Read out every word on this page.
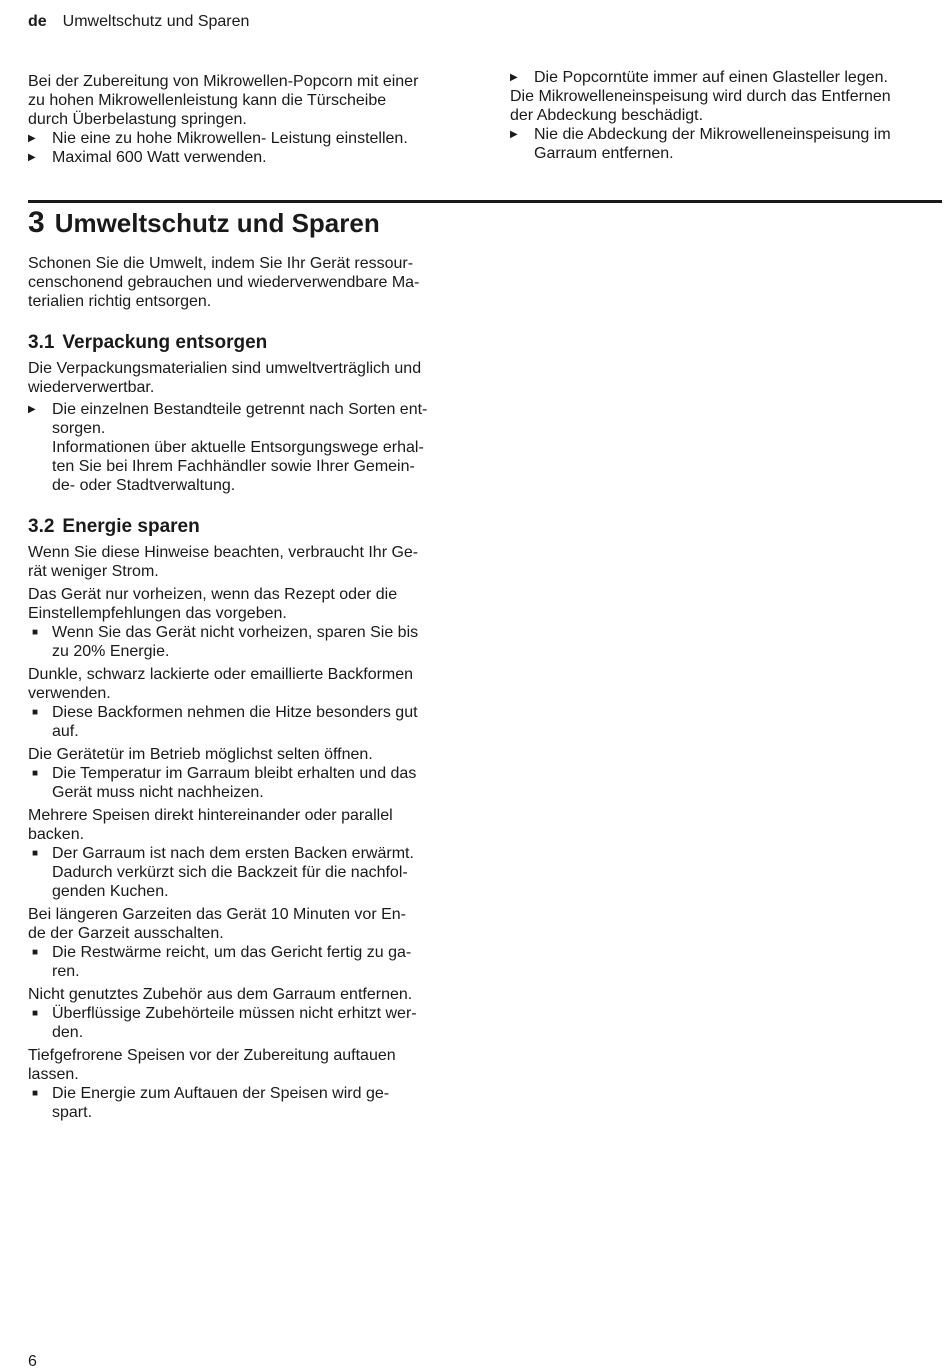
de Umweltschutz und Sparen

Bei der Zubereitung von Mikrowellen-Popcorn mit einer
zu hohen Mikrowellenleistung kann die Türscheibe
durch Überbelastung springen.

▶ Nie eine zu hohe Mikrowellen- Leistung einstellen.
▶ Maximal 600 Watt verwenden.
▶ Die Popcorntüte immer auf einen Glasteller legen.

Die Mikrowelleneinspeisung wird durch das Entfernen
der Abdeckung beschädigt.

▶ Nie die Abdeckung der Mikrowelleneinspeisung im
Garraum entfernen.
3 Umweltschutz und Sparen

Schonen Sie die Umwelt, indem Sie Ihr Gerät ressour-
censchonend gebrauchen und wiederverwendbare Ma-
terialien richtig entsorgen.

3.1 Verpackung entsorgen

Die Verpackungsmaterialien sind umweltverträglich und
wiederverwertbar.

▶ Die einzelnen Bestandteile getrennt nach Sorten ent-
sorgen.
Informationen über aktuelle Entsorgungswege erhal-
ten Sie bei Ihrem Fachhändler sowie Ihrer Gemein-
de- oder Stadtverwaltung.
3.2 Energie sparen

Wenn Sie diese Hinweise beachten, verbraucht Ihr Ge-
rät weniger Strom.

Das Gerät nur vorheizen, wenn das Rezept oder die
Einstellempfehlungen das vorgeben.

■ Wenn Sie das Gerät nicht vorheizen, sparen Sie bis
zu 20% Energie.

Dunkle, schwarz lackierte oder emaillierte Backformen
verwenden.

■ Diese Backformen nehmen die Hitze besonders gut
auf.

Die Gerätetür im Betrieb möglichst selten öffnen.

■ Die Temperatur im Garraum bleibt erhalten und das
Gerät muss nicht nachheizen.

Mehrere Speisen direkt hintereinander oder parallel
backen.

■ Der Garraum ist nach dem ersten Backen erwärmt.
Dadurch verkürzt sich die Backzeit für die nachfol-
genden Kuchen.

Bei längeren Garzeiten das Gerät 10 Minuten vor En-
de der Garzeit ausschalten.

■ Die Restwärme reicht, um das Gericht fertig zu ga-
ren.

Nicht genutztes Zubehör aus dem Garraum entfernen.

■ Überflüssige Zubehörteile müssen nicht erhitzt wer-
den.

Tiefgefrorene Speisen vor der Zubereitung auftauen
lassen.

■ Die Energie zum Auftauen der Speisen wird ge-
spart.
6
